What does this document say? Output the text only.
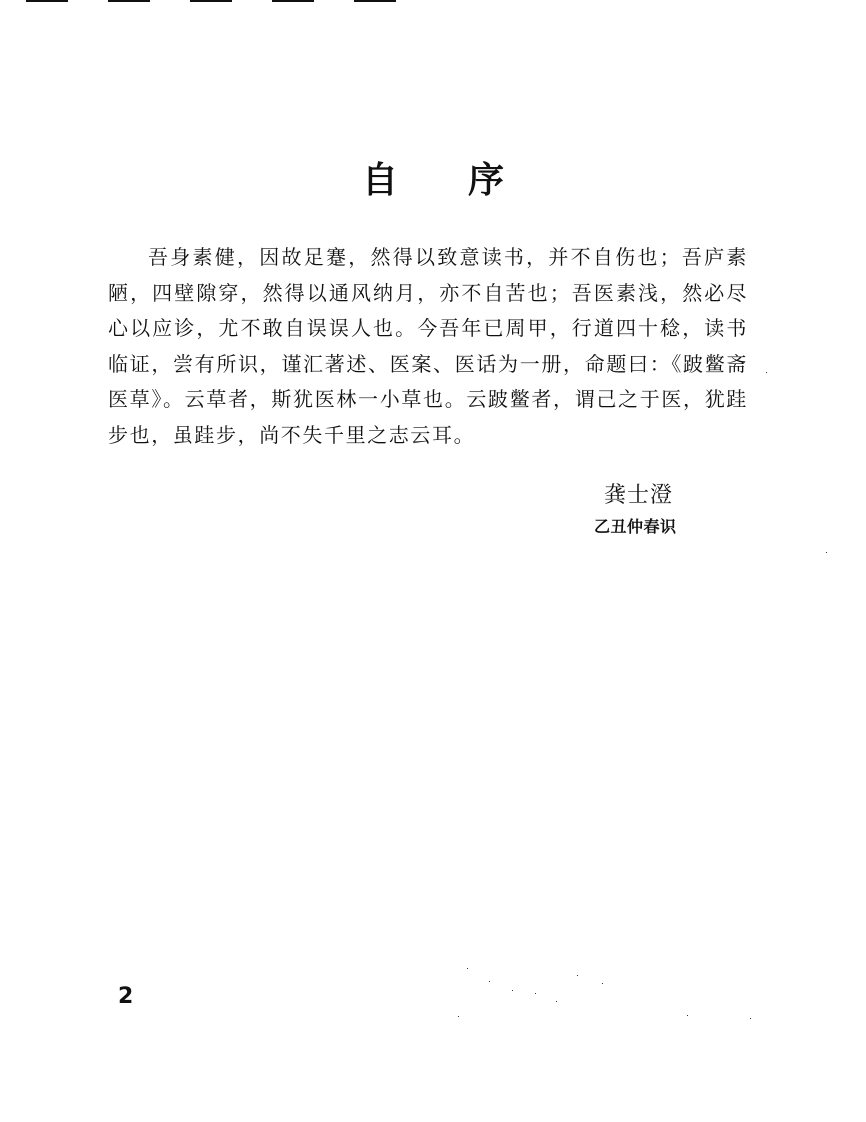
自 序

吾身素健，因故足蹇，然得以致意读书，并不自伤也；吾庐素陋，四壁隙穿，然得以通风纳月，亦不自苦也；吾医素浅，然必尽心以应诊，尤不敢自误误人也。今吾年已周甲，行道四十稔，读书临证，尝有所识，谨汇著述、医案、医话为一册，命题曰：《跛鳖斋医草》。云草者，斯犹医林一小草也。云跛鳖者，谓己之于医，犹跬步也，虽跬步，尚不失千里之志云耳。

龚士澄
乙丑仲春识
2
